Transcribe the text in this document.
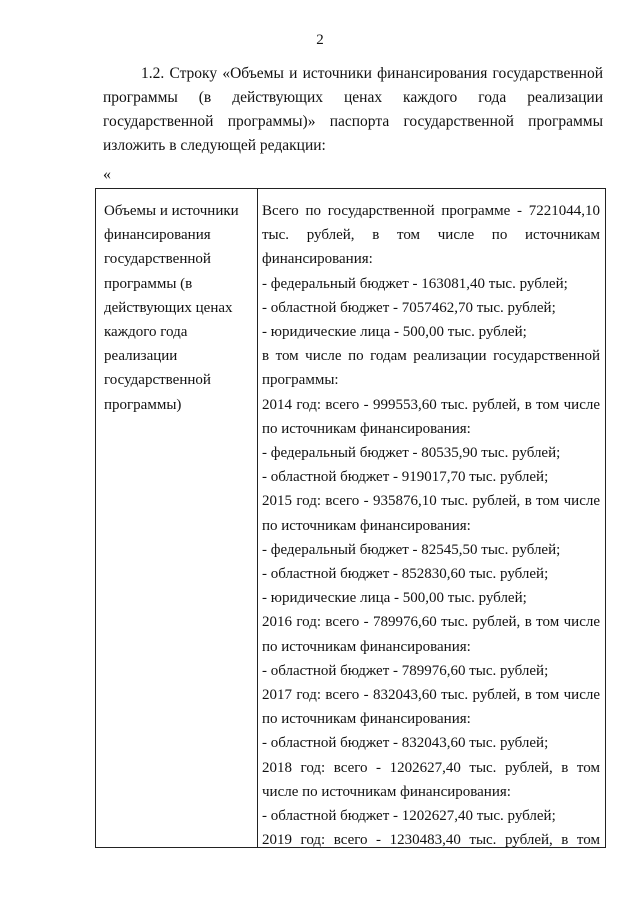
2

1.2. Строку «Объемы и источники финансирования государственной программы (в действующих ценах каждого года реализации государственной программы)» паспорта государственной программы изложить в следующей редакции:

«
Объемы и источники
финансирования
государственной
программы (в
действующих ценах
каждого года
реализации
государственной
программы)
Всего по государственной программе - 7221044,10
тыс. рублей, в том числе по источникам
финансирования:
- федеральный бюджет - 163081,40 тыс. рублей;
- областной бюджет - 7057462,70 тыс. рублей;
- юридические лица - 500,00 тыс. рублей;
в том числе по годам реализации государственной
программы:
2014 год: всего - 999553,60 тыс. рублей, в том числе
по источникам финансирования:
- федеральный бюджет - 80535,90 тыс. рублей;
- областной бюджет - 919017,70 тыс. рублей;
2015 год: всего - 935876,10 тыс. рублей, в том числе
по источникам финансирования:
- федеральный бюджет - 82545,50 тыс. рублей;
- областной бюджет - 852830,60 тыс. рублей;
- юридические лица - 500,00 тыс. рублей;
2016 год: всего - 789976,60 тыс. рублей, в том числе
по источникам финансирования:
- областной бюджет - 789976,60 тыс. рублей;
2017 год: всего - 832043,60 тыс. рублей, в том числе
по источникам финансирования:
- областной бюджет - 832043,60 тыс. рублей;
2018 год: всего - 1202627,40 тыс. рублей, в том
числе по источникам финансирования:
- областной бюджет - 1202627,40 тыс. рублей;
2019 год: всего - 1230483,40 тыс. рублей, в том
